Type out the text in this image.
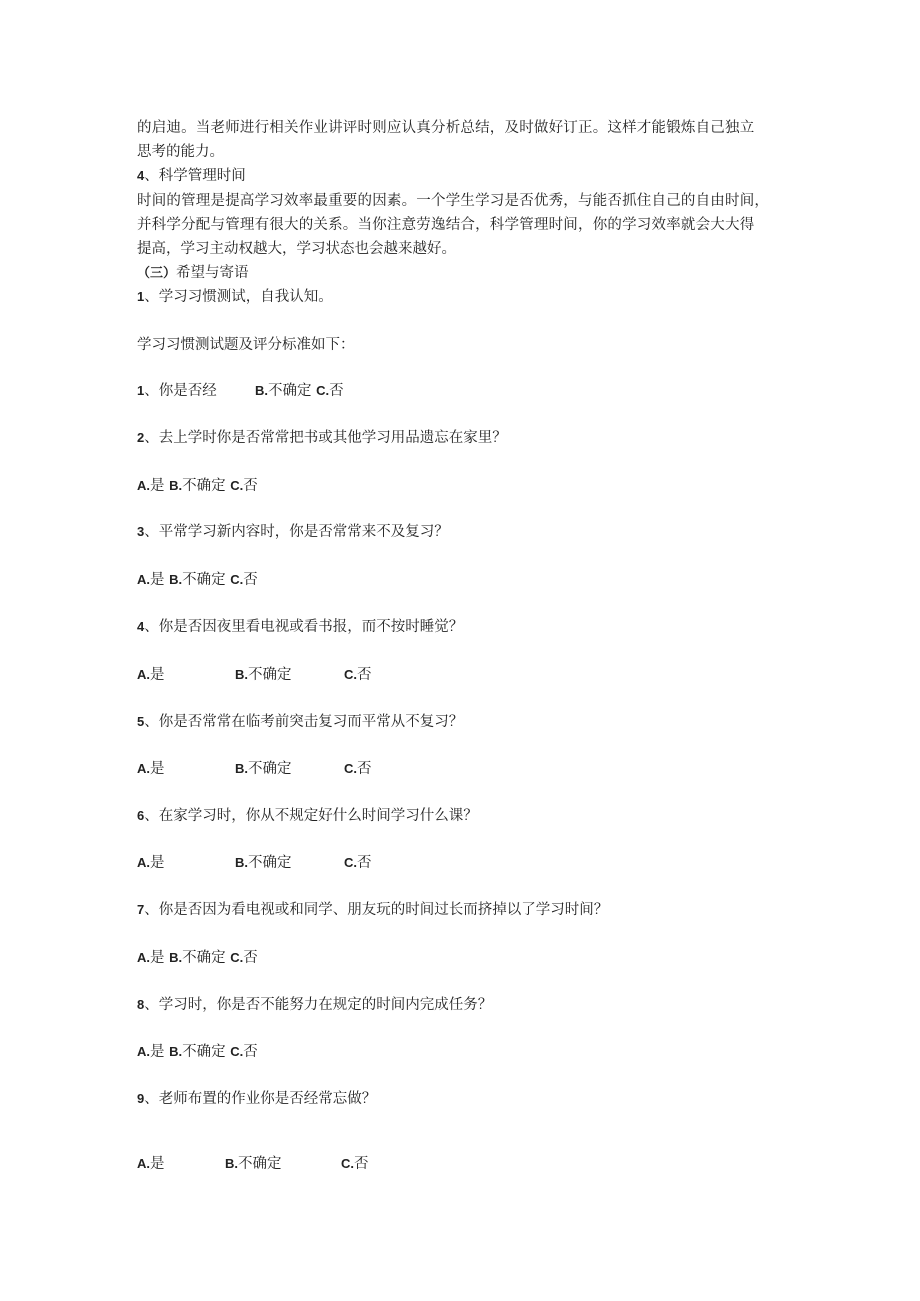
的启迪。当老师进行相关作业讲评时则应认真分析总结，及时做好订正。这样才能锻炼自己独立
思考的能力。
4、科学管理时间
时间的管理是提高学习效率最重要的因素。一个学生学习是否优秀，与能否抓住自己的自由时间，
并科学分配与管理有很大的关系。当你注意劳逸结合，科学管理时间，你的学习效率就会大大得
提高，学习主动权越大，学习状态也会越来越好。
（三）希望与寄语
1、学习习惯测试，自我认知。
学习习惯测试题及评分标准如下：
1、你是否经	B.不确定 C.否
2、去上学时你是否常常把书或其他学习用品遗忘在家里？
A.是 B.不确定 C.否
3、平常学习新内容时，你是否常常来不及复习？
A.是 B.不确定 C.否
4、你是否因夜里看电视或看书报，而不按时睡觉？
A.是	B.不确定	C.否
5、你是否常常在临考前突击复习而平常从不复习？
A.是	B.不确定	C.否
6、在家学习时，你从不规定好什么时间学习什么课？
A.是	B.不确定	C.否
7、你是否因为看电视或和同学、朋友玩的时间过长而挤掉以了学习时间？
A.是 B.不确定 C.否
8、学习时，你是否不能努力在规定的时间内完成任务？
A.是 B.不确定 C.否
9、老师布置的作业你是否经常忘做？
A.是	B.不确定	C.否
